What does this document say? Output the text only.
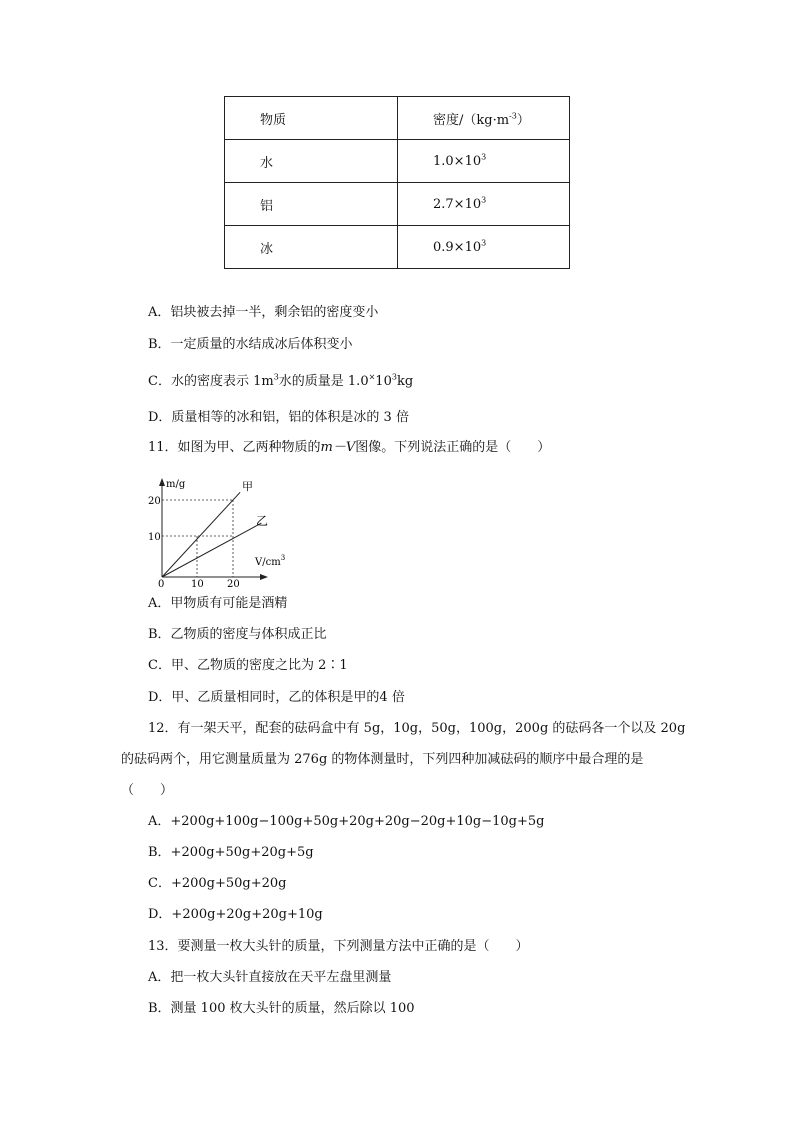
物质	密度$/(kg\cdot m^{-3})$
水	$1.0\times 10^3$
铝	$2.7\times 10^3$
冰	$0.9\times 10^3$
A．铝块被去掉一半，剩余铝的密度变小
B．一定质量的水结成冰后体积变小
C．水的密度表示 $1m^3$水的质量是 $1.0^\times 10^3kg$
D．质量相等的冰和铝，铝的体积是冰的 3 倍
11．如图为甲、乙两种物质的m－V图像。下列说法正确的是（　　）
m/g
$V/cm^3$
0
20
10
10 20
甲
乙
A．甲物质有可能是酒精
B．乙物质的密度与体积成正比
C．甲、乙物质的密度之比为 2∶1
D．甲、乙质量相同时，乙的体积是甲的4 倍
12．有一架天平，配套的砝码盒中有 5g，10g，50g，100g，200g 的砝码各一个以及 20g
的砝码两个，用它测量质量为 276g 的物体测量时，下列四种加减砝码的顺序中最合理的是
（　　）
A．+200g+100g−100g+50g+20g+20g−20g+10g−10g+5g
B．+200g+50g+20g+5g
C．+200g+50g+20g
D．+200g+20g+20g+10g
13．要测量一枚大头针的质量，下列测量方法中正确的是（　　）
A．把一枚大头针直接放在天平左盘里测量
B．测量 100 枚大头针的质量，然后除以 100
